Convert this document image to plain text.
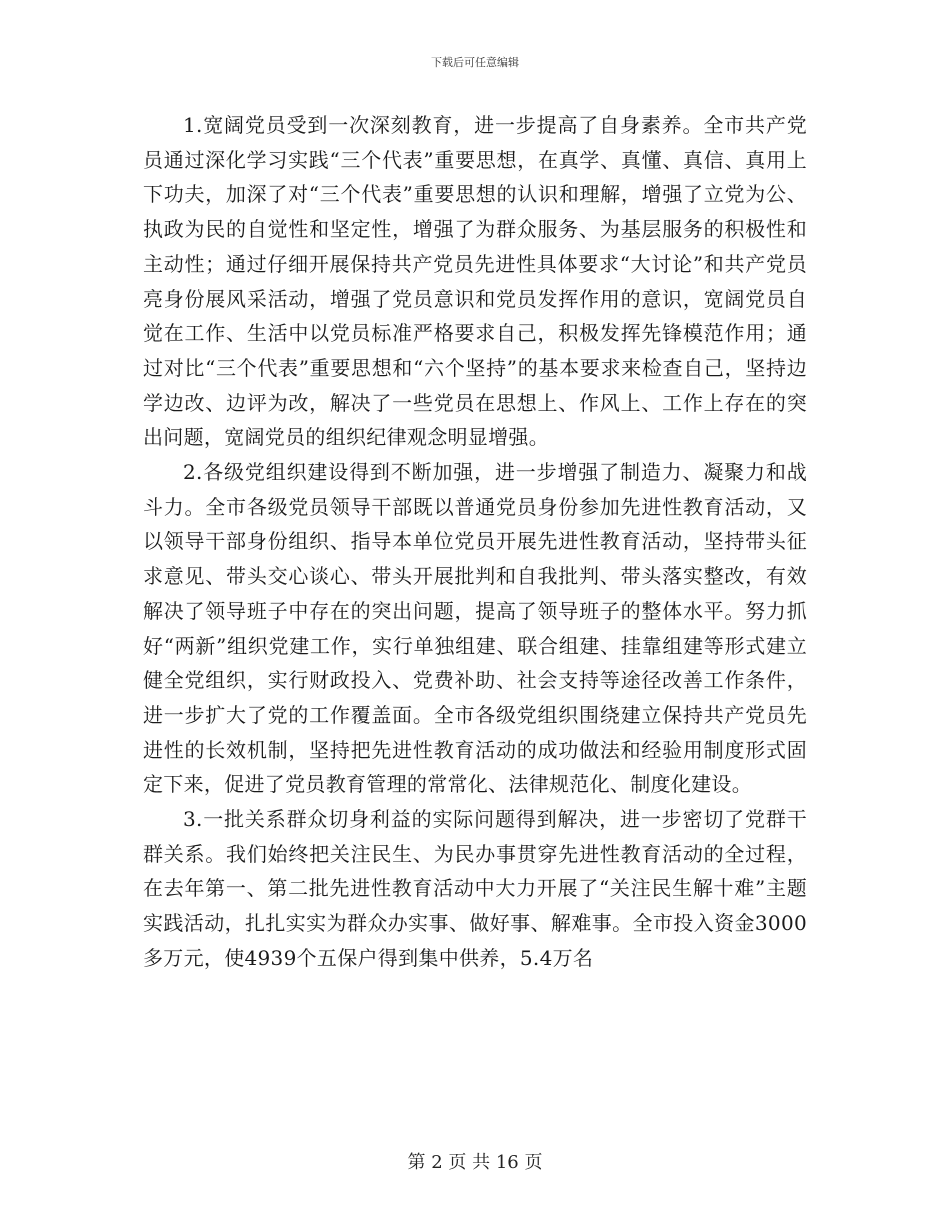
下载后可任意编辑

1.宽阔党员受到一次深刻教育，进一步提高了自身素养。全市共产党员通过深化学习实践“三个代表”重要思想，在真学、真懂、真信、真用上下功夫，加深了对“三个代表”重要思想的认识和理解，增强了立党为公、执政为民的自觉性和坚定性，增强了为群众服务、为基层服务的积极性和主动性；通过仔细开展保持共产党员先进性具体要求“大讨论”和共产党员亮身份展风采活动，增强了党员意识和党员发挥作用的意识，宽阔党员自觉在工作、生活中以党员标准严格要求自己，积极发挥先锋模范作用；通过对比“三个代表”重要思想和“六个坚持”的基本要求来检查自己，坚持边学边改、边评为改，解决了一些党员在思想上、作风上、工作上存在的突出问题，宽阔党员的组织纪律观念明显增强。

2.各级党组织建设得到不断加强，进一步增强了制造力、凝聚力和战斗力。全市各级党员领导干部既以普通党员身份参加先进性教育活动，又以领导干部身份组织、指导本单位党员开展先进性教育活动，坚持带头征求意见、带头交心谈心、带头开展批判和自我批判、带头落实整改，有效解决了领导班子中存在的突出问题，提高了领导班子的整体水平。努力抓好“两新”组织党建工作，实行单独组建、联合组建、挂靠组建等形式建立健全党组织，实行财政投入、党费补助、社会支持等途径改善工作条件，进一步扩大了党的工作覆盖面。全市各级党组织围绕建立保持共产党员先进性的长效机制，坚持把先进性教育活动的成功做法和经验用制度形式固定下来，促进了党员教育管理的常常化、法律规范化、制度化建设。

3.一批关系群众切身利益的实际问题得到解决，进一步密切了党群干群关系。我们始终把关注民生、为民办事贯穿先进性教育活动的全过程，在去年第一、第二批先进性教育活动中大力开展了“关注民生解十难”主题实践活动，扎扎实实为群众办实事、做好事、解难事。全市投入资金3000多万元，使4939个五保户得到集中供养，5.4万名

第 2 页 共 16 页
